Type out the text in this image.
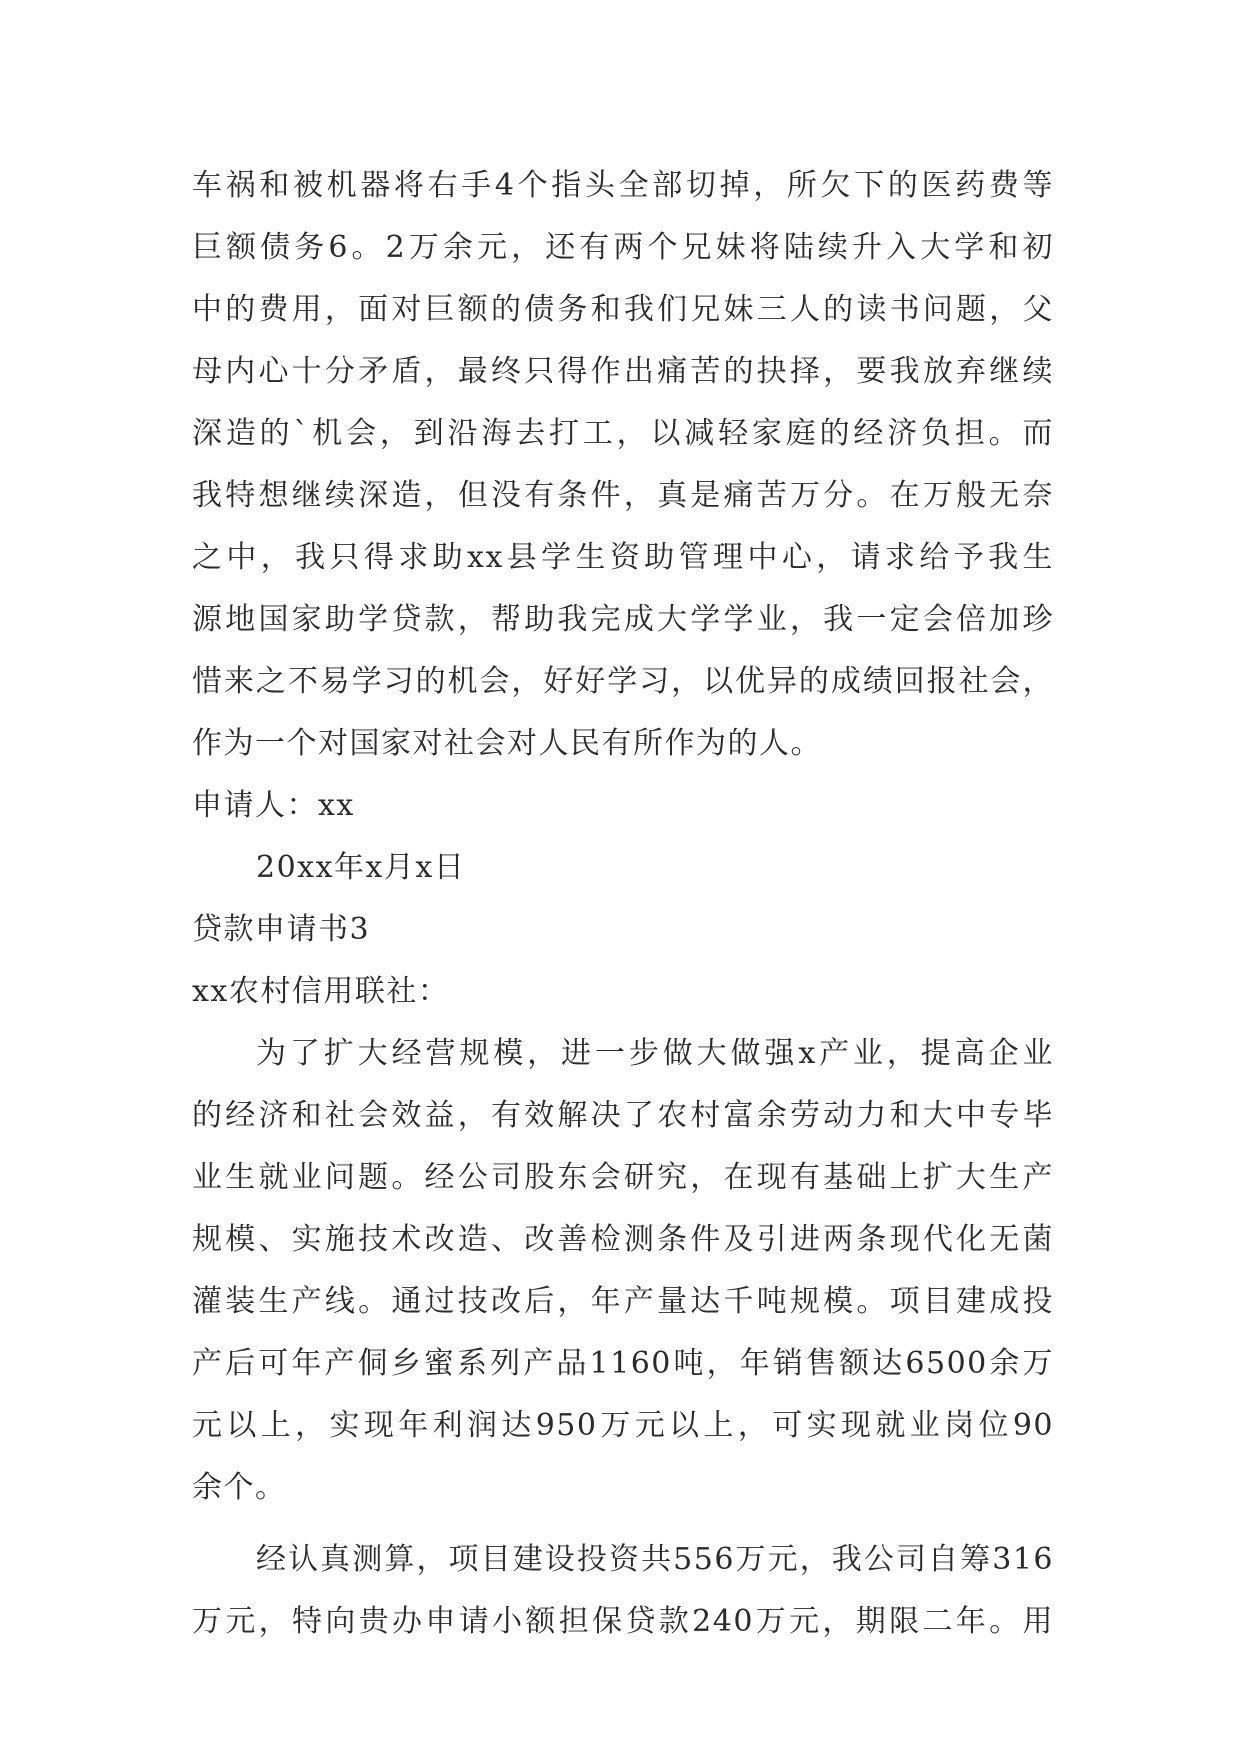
车祸和被机器将右手4个指头全部切掉，所欠下的医药费等
巨额债务6。2万余元，还有两个兄妹将陆续升入大学和初
中的费用，面对巨额的债务和我们兄妹三人的读书问题，父
母内心十分矛盾，最终只得作出痛苦的抉择，要我放弃继续
深造的`机会，到沿海去打工，以减轻家庭的经济负担。而
我特想继续深造，但没有条件，真是痛苦万分。在万般无奈
之中，我只得求助xx县学生资助管理中心，请求给予我生
源地国家助学贷款，帮助我完成大学学业，我一定会倍加珍
惜来之不易学习的机会，好好学习，以优异的成绩回报社会，
作为一个对国家对社会对人民有所作为的人。
申请人：xx
20xx年x月x日
贷款申请书3
xx农村信用联社：
为了扩大经营规模，进一步做大做强x产业，提高企业
的经济和社会效益，有效解决了农村富余劳动力和大中专毕
业生就业问题。经公司股东会研究，在现有基础上扩大生产
规模、实施技术改造、改善检测条件及引进两条现代化无菌
灌装生产线。通过技改后，年产量达千吨规模。项目建成投
产后可年产侗乡蜜系列产品1160吨，年销售额达6500余万
元以上，实现年利润达950万元以上，可实现就业岗位90
余个。
经认真测算，项目建设投资共556万元，我公司自筹316
万元，特向贵办申请小额担保贷款240万元，期限二年。用
